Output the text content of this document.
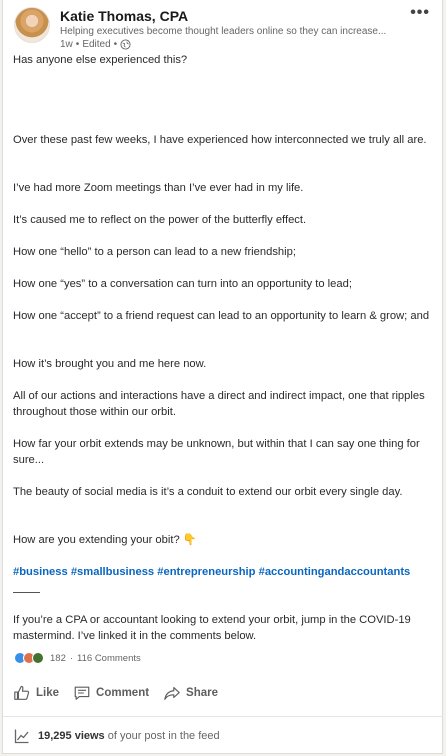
Katie Thomas, CPA
Helping executives become thought leaders online so they can increase...
1w • Edited •
•••
Has anyone else experienced this?
Over these past few weeks, I have experienced how interconnected we truly all are.
I’ve had more Zoom meetings than I’ve ever had in my life.
It’s caused me to reflect on the power of the butterfly effect.
How one “hello” to a person can lead to a new friendship;
How one “yes” to a conversation can turn into an opportunity to lead;
How one “accept” to a friend request can lead to an opportunity to learn & grow; and
How it’s brought you and me here now.
All of our actions and interactions have a direct and indirect impact, one that ripples throughout those within our orbit.
How far your orbit extends may be unknown, but within that I can say one thing for sure...
The beauty of social media is it’s a conduit to extend our orbit every single day.
How are you extending your obit? 👇
#business #smallbusiness #entrepreneurship #accountingandaccountants
If you’re a CPA or accountant looking to extend your orbit, jump in the COVID-19 mastermind. I’ve linked it in the comments below.
182 · 116 Comments
Like	Comment	Share
19,295 views of your post in the feed
